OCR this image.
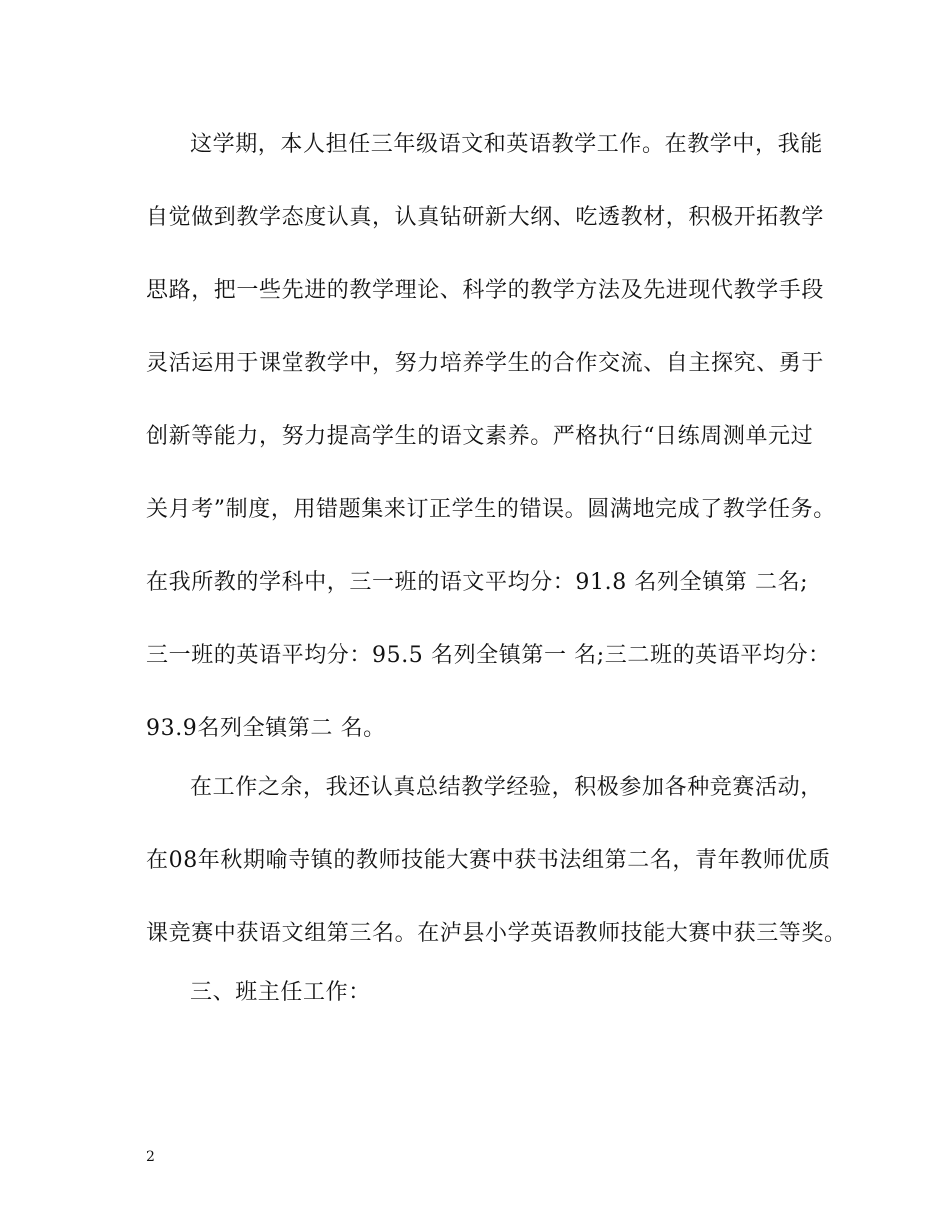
这学期，本人担任三年级语文和英语教学工作。在教学中，我能
自觉做到教学态度认真，认真钻研新大纲、吃透教材，积极开拓教学
思路，把一些先进的教学理论、科学的教学方法及先进现代教学手段
灵活运用于课堂教学中，努力培养学生的合作交流、自主探究、勇于
创新等能力，努力提高学生的语文素养。严格执行“日练周测单元过
关月考”制度，用错题集来订正学生的错误。圆满地完成了教学任务。
在我所教的学科中，三一班的语文平均分：91.8 名列全镇第 二名;
三一班的英语平均分：95.5 名列全镇第一 名;三二班的英语平均分：
93.9名列全镇第二 名。
在工作之余，我还认真总结教学经验，积极参加各种竞赛活动，
在08年秋期喻寺镇的教师技能大赛中获书法组第二名，青年教师优质
课竞赛中获语文组第三名。在泸县小学英语教师技能大赛中获三等奖。
三、班主任工作：
2
